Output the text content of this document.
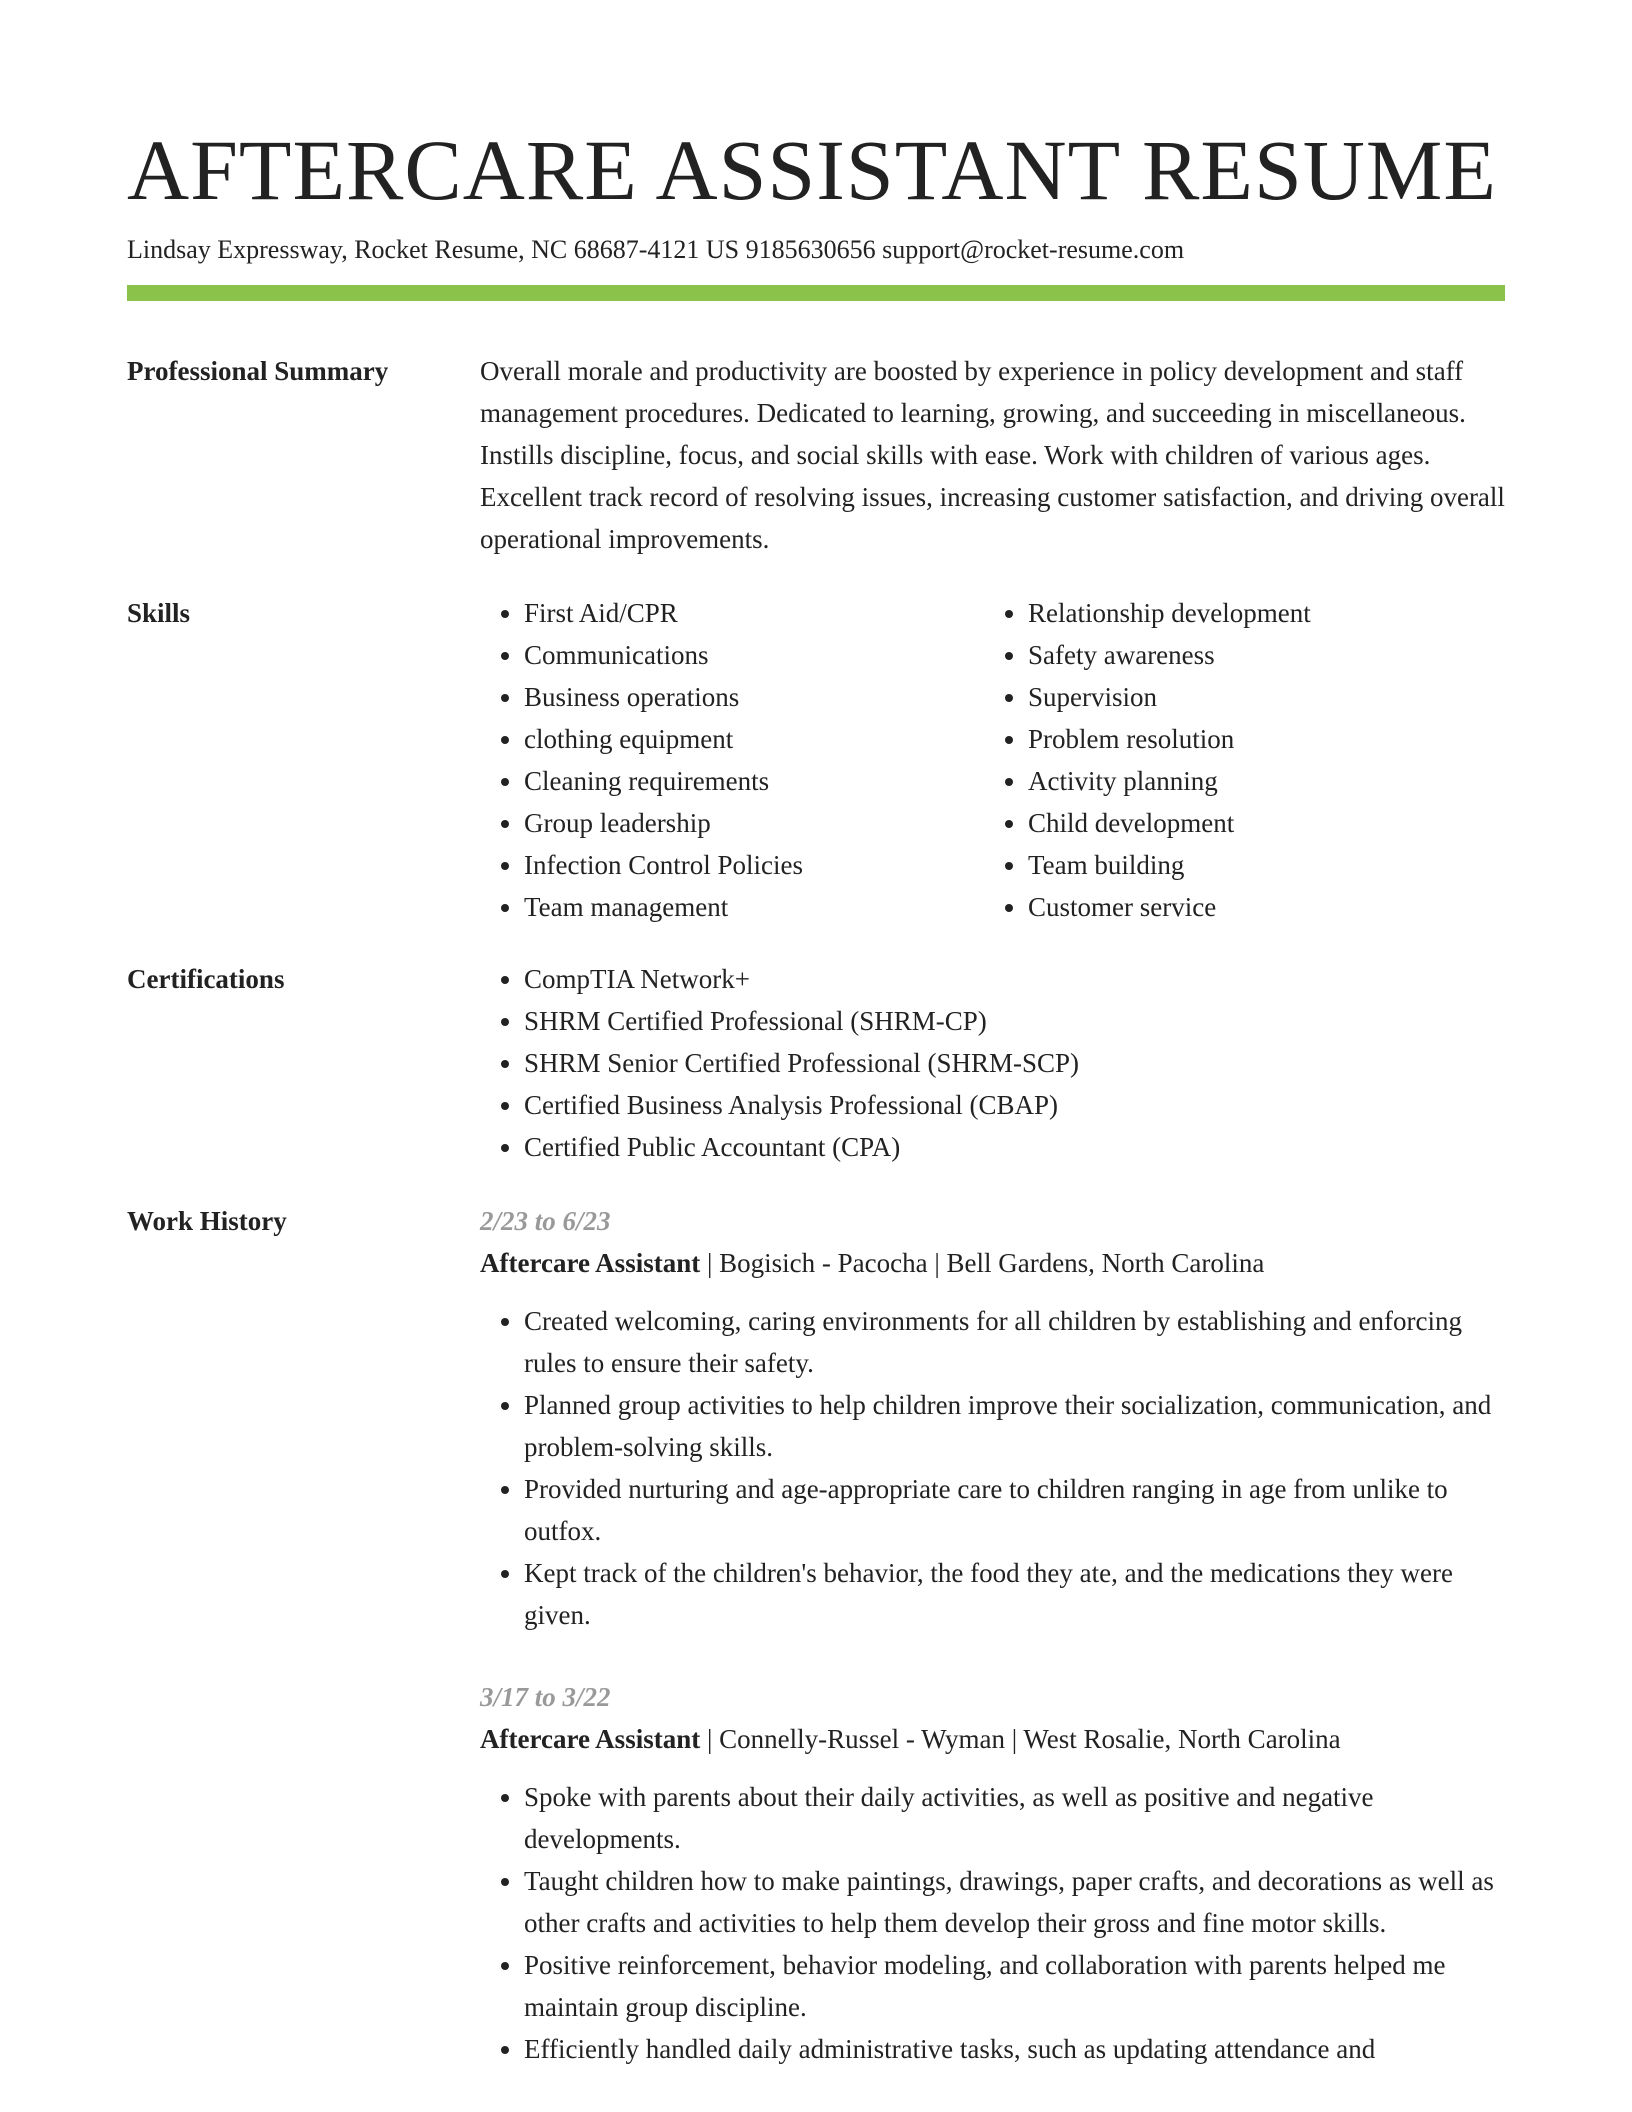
AFTERCARE ASSISTANT RESUME
Lindsay Expressway, Rocket Resume, NC 68687-4121 US 9185630656 support@rocket-resume.com
Professional Summary	Overall morale and productivity are boosted by experience in policy development and staff management procedures. Dedicated to learning, growing, and succeeding in miscellaneous. Instills discipline, focus, and social skills with ease. Work with children of various ages. Excellent track record of resolving issues, increasing customer satisfaction, and driving overall operational improvements.

Skills	• First Aid/CPR
• Communications
• Business operations
• clothing equipment
• Cleaning requirements
• Group leadership
• Infection Control Policies
• Team management
• Relationship development
• Safety awareness
• Supervision
• Problem resolution
• Activity planning
• Child development
• Team building
• Customer service
Certifications	• CompTIA Network+
• SHRM Certified Professional (SHRM-CP)
• SHRM Senior Certified Professional (SHRM-SCP)
• Certified Business Analysis Professional (CBAP)
• Certified Public Accountant (CPA)
Work History	2/23 to 6/23
Aftercare Assistant | Bogisich - Pacocha | Bell Gardens, North Carolina
• Created welcoming, caring environments for all children by establishing and enforcing rules to ensure their safety.
• Planned group activities to help children improve their socialization, communication, and problem-solving skills.
• Provided nurturing and age-appropriate care to children ranging in age from unlike to outfox.
• Kept track of the children's behavior, the food they ate, and the medications they were given.
3/17 to 3/22
Aftercare Assistant | Connelly-Russel - Wyman | West Rosalie, North Carolina
• Spoke with parents about their daily activities, as well as positive and negative developments.
• Taught children how to make paintings, drawings, paper crafts, and decorations as well as other crafts and activities to help them develop their gross and fine motor skills.
• Positive reinforcement, behavior modeling, and collaboration with parents helped me maintain group discipline.
• Efficiently handled daily administrative tasks, such as updating attendance and
